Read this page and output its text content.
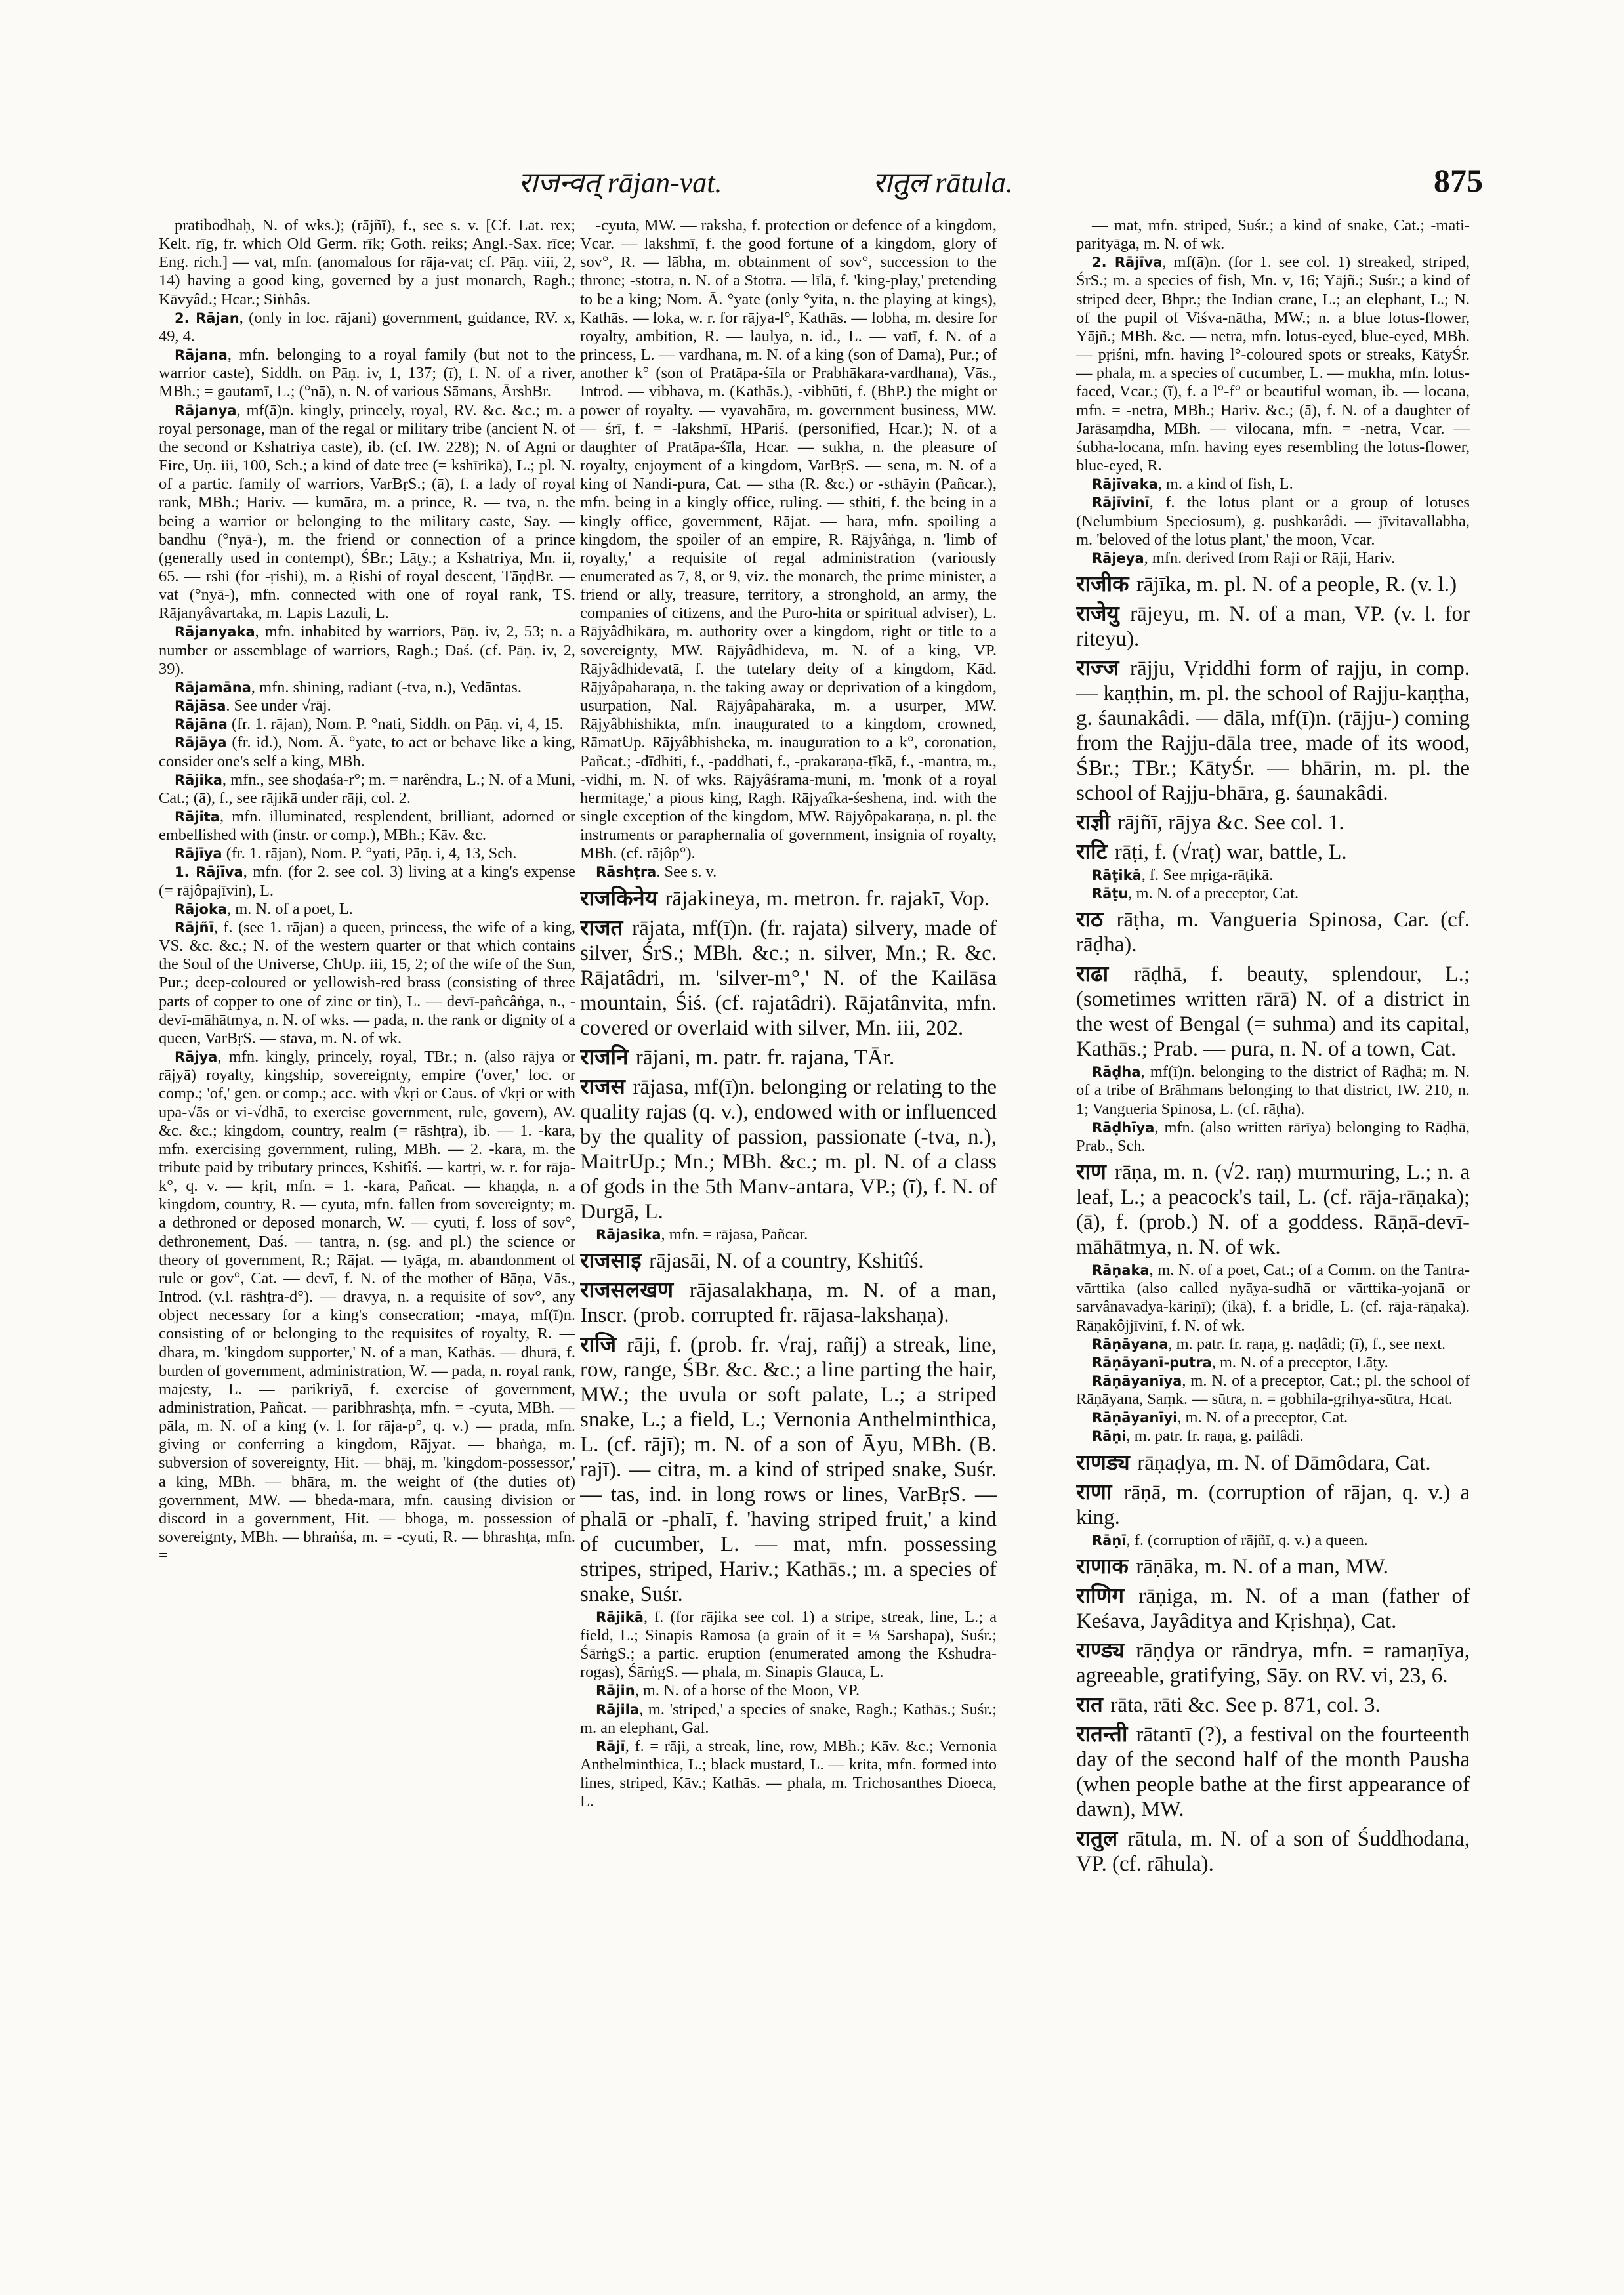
राजन्वत् rājan-vat.	रातुल rātula.	875

pratibodhaḥ, N. of wks.); (rājñī), f., see s. v. [Cf. Lat. rex; Kelt. rīg, fr. which Old Germ. rīk; Goth. reiks; Angl.-Sax. rīce; Eng. rich.] — vat, mfn. (anomalous for rāja-vat; cf. Pāṇ. viii, 2, 14) having a good king, governed by a just monarch, Ragh.; Kāvyâd.; Hcar.; Siṅhâs.

2. Rājan, (only in loc. rājani) government, guidance, RV. x, 49, 4.

Rājana, mfn. belonging to a royal family (but not to the warrior caste), Siddh. on Pāṇ. iv, 1, 137; (ī), f. N. of a river, MBh.; = gautamī, L.; (°nā), n. N. of various Sāmans, ĀrshBr.

Rājanya, mf(ā)n. kingly, princely, royal, RV. &c. &c.; m. a royal personage, man of the regal or military tribe (ancient N. of the second or Kshatriya caste), ib. (cf. IW. 228); N. of Agni or Fire, Uṇ. iii, 100, Sch.; a kind of date tree (= kshīrikā), L.; pl. N. of a partic. family of warriors, VarBṛS.; (ā), f. a lady of royal rank, MBh.; Hariv. — kumāra, m. a prince, R. — tva, n. the being a warrior or belonging to the military caste, Say. — bandhu (°nyā-), m. the friend or connection of a prince (generally used in contempt), ŚBr.; Lāṭy.; a Kshatriya, Mn. ii, 65. — rshi (for -ṛishi), m. a Ṛishi of royal descent, TāṇḍBr. — vat (°nyā-), mfn. connected with one of royal rank, TS. Rājanyâvartaka, m. Lapis Lazuli, L.

Rājanyaka, mfn. inhabited by warriors, Pāṇ. iv, 2, 53; n. a number or assemblage of warriors, Ragh.; Daś. (cf. Pāṇ. iv, 2, 39).

Rājamāna, mfn. shining, radiant (-tva, n.), Vedāntas.

Rājāsa. See under √rāj.

Rājāna (fr. 1. rājan), Nom. P. °nati, Siddh. on Pāṇ. vi, 4, 15.

Rājāya (fr. id.), Nom. Ā. °yate, to act or behave like a king, consider one's self a king, MBh.

Rājika, mfn., see shoḍaśa-r°; m. = narêndra, L.; N. of a Muni, Cat.; (ā), f., see rājikā under rāji, col. 2.

Rājita, mfn. illuminated, resplendent, brilliant, adorned or embellished with (instr. or comp.), MBh.; Kāv. &c.

Rājīya (fr. 1. rājan), Nom. P. °yati, Pāṇ. i, 4, 13, Sch.

1. Rājīva, mfn. (for 2. see col. 3) living at a king's expense (= rājôpajīvin), L.

Rājoka, m. N. of a poet, L.

Rājñī, f. (see 1. rājan) a queen, princess, the wife of a king, VS. &c. &c.; N. of the western quarter or that which contains the Soul of the Universe, ChUp. iii, 15, 2; of the wife of the Sun, Pur.; deep-coloured or yellowish-red brass (consisting of three parts of copper to one of zinc or tin), L. — devī-pañcâṅga, n., -devī-māhātmya, n. N. of wks. — pada, n. the rank or dignity of a queen, VarBṛS. — stava, m. N. of wk.

Rājya, mfn. kingly, princely, royal, TBr.; n. (also rājya or rājyā) royalty, kingship, sovereignty, empire ('over,' loc. or comp.; 'of,' gen. or comp.; acc. with √kṛi or Caus. of √kṛi or with upa-√ās or vi-√dhā, to exercise government, rule, govern), AV. &c. &c.; kingdom, country, realm (= rāshṭra), ib. — 1. -kara, mfn. exercising government, ruling, MBh. — 2. -kara, m. the tribute paid by tributary princes, Kshitîś. — kartṛi, w. r. for rāja-k°, q. v. — kṛit, mfn. = 1. -kara, Pañcat. — khaṇḍa, n. a kingdom, country, R. — cyuta, mfn. fallen from sovereignty; m. a dethroned or deposed monarch, W. — cyuti, f. loss of sov°, dethronement, Daś. — tantra, n. (sg. and pl.) the science or theory of government, R.; Rājat. — tyāga, m. abandonment of rule or gov°, Cat. — devī, f. N. of the mother of Bāṇa, Vās., Introd. (v.l. rāshṭra-d°). — dravya, n. a requisite of sov°, any object necessary for a king's consecration; -maya, mf(ī)n. consisting of or belonging to the requisites of royalty, R. — dhara, m. 'kingdom supporter,' N. of a man, Kathās. — dhurā, f. burden of government, administration, W. — pada, n. royal rank, majesty, L. — parikriyā, f. exercise of government, administration, Pañcat. — paribhrashṭa, mfn. = -cyuta, MBh. — pāla, m. N. of a king (v. l. for rāja-p°, q. v.) — prada, mfn. giving or conferring a kingdom, Rājyat. — bhaṅga, m. subversion of sovereignty, Hit. — bhāj, m. 'kingdom-possessor,' a king, MBh. — bhāra, m. the weight of (the duties of) government, MW. — bheda-mara, mfn. causing division or discord in a government, Hit. — bhoga, m. possession of sovereignty, MBh. — bhraṅśa, m. = -cyuti, R. — bhrashṭa, mfn. =

-cyuta, MW. — raksha, f. protection or defence of a kingdom, Vcar. — lakshmī, f. the good fortune of a kingdom, glory of sov°, R. — lābha, m. obtainment of sov°, succession to the throne; -stotra, n. N. of a Stotra. — līlā, f. 'king-play,' pretending to be a king; Nom. Ā. °yate (only °yita, n. the playing at kings), Kathās. — loka, w. r. for rājya-l°, Kathās. — lobha, m. desire for royalty, ambition, R. — laulya, n. id., L. — vatī, f. N. of a princess, L. — vardhana, m. N. of a king (son of Dama), Pur.; of another k° (son of Pratāpa-śīla or Prabhākara-vardhana), Vās., Introd. — vibhava, m. (Kathās.), -vibhūti, f. (BhP.) the might or power of royalty. — vyavahāra, m. government business, MW. — śrī, f. = -lakshmī, HPariś. (personified, Hcar.); N. of a daughter of Pratāpa-śīla, Hcar. — sukha, n. the pleasure of royalty, enjoyment of a kingdom, VarBṛS. — sena, m. N. of a king of Nandi-pura, Cat. — stha (R. &c.) or -sthāyin (Pañcar.), mfn. being in a kingly office, ruling. — sthiti, f. the being in a kingly office, government, Rājat. — hara, mfn. spoiling a kingdom, the spoiler of an empire, R. Rājyâṅga, n. 'limb of royalty,' a requisite of regal administration (variously enumerated as 7, 8, or 9, viz. the monarch, the prime minister, a friend or ally, treasure, territory, a stronghold, an army, the companies of citizens, and the Puro-hita or spiritual adviser), L. Rājyâdhikāra, m. authority over a kingdom, right or title to a sovereignty, MW. Rājyâdhideva, m. N. of a king, VP. Rājyâdhidevatā, f. the tutelary deity of a kingdom, Kād. Rājyâpaharaṇa, n. the taking away or deprivation of a kingdom, usurpation, Nal. Rājyâpahāraka, m. a usurper, MW. Rājyâbhishikta, mfn. inaugurated to a kingdom, crowned, RāmatUp. Rājyâbhisheka, m. inauguration to a k°, coronation, Pañcat.; -dīdhiti, f., -paddhati, f., -prakaraṇa-ṭīkā, f., -mantra, m., -vidhi, m. N. of wks. Rājyâśrama-muni, m. 'monk of a royal hermitage,' a pious king, Ragh. Rājyaîka-śeshena, ind. with the single exception of the kingdom, MW. Rājyôpakaraṇa, n. pl. the instruments or paraphernalia of government, insignia of royalty, MBh. (cf. rājôp°).

Rāshṭra. See s. v.

राजकिनेय rājakineya, m. metron. fr. rajakī, Vop.

राजत rājata, mf(ī)n. (fr. rajata) silvery, made of silver, ŚrS.; MBh. &c.; n. silver, Mn.; R. &c. Rājatâdri, m. 'silver-m°,' N. of the Kailāsa mountain, Śiś. (cf. rajatâdri). Rājatânvita, mfn. covered or overlaid with silver, Mn. iii, 202.

राजनि rājani, m. patr. fr. rajana, TĀr.

राजस rājasa, mf(ī)n. belonging or relating to the quality rajas (q. v.), endowed with or influenced by the quality of passion, passionate (-tva, n.), MaitrUp.; Mn.; MBh. &c.; m. pl. N. of a class of gods in the 5th Manv-antara, VP.; (ī), f. N. of Durgā, L.

Rājasika, mfn. = rājasa, Pañcar.

राजसाइ rājasāi, N. of a country, Kshitîś.

राजसलखण rājasalakhaṇa, m. N. of a man, Inscr. (prob. corrupted fr. rājasa-lakshaṇa).

राजि rāji, f. (prob. fr. √raj, rañj) a streak, line, row, range, ŚBr. &c. &c.; a line parting the hair, MW.; the uvula or soft palate, L.; a striped snake, L.; a field, L.; Vernonia Anthelminthica, L. (cf. rājī); m. N. of a son of Āyu, MBh. (B. rajī). — citra, m. a kind of striped snake, Suśr. — tas, ind. in long rows or lines, VarBṛS. — phalā or -phalī, f. 'having striped fruit,' a kind of cucumber, L. — mat, mfn. possessing stripes, striped, Hariv.; Kathās.; m. a species of snake, Suśr.

Rājikā, f. (for rājika see col. 1) a stripe, streak, line, L.; a field, L.; Sinapis Ramosa (a grain of it = ⅓ Sarshapa), Suśr.; ŚārṅgS.; a partic. eruption (enumerated among the Kshudra-rogas), ŚārṅgS. — phala, m. Sinapis Glauca, L.

Rājin, m. N. of a horse of the Moon, VP.

Rājila, m. 'striped,' a species of snake, Ragh.; Kathās.; Suśr.; m. an elephant, Gal.

Rājī, f. = rāji, a streak, line, row, MBh.; Kāv. &c.; Vernonia Anthelminthica, L.; black mustard, L. — krita, mfn. formed into lines, striped, Kāv.; Kathās. — phala, m. Trichosanthes Dioeca, L.

— mat, mfn. striped, Suśr.; a kind of snake, Cat.; -mati-parityāga, m. N. of wk.

2. Rājīva, mf(ā)n. (for 1. see col. 1) streaked, striped, ŚrS.; m. a species of fish, Mn. v, 16; Yājñ.; Suśr.; a kind of striped deer, Bhpr.; the Indian crane, L.; an elephant, L.; N. of the pupil of Viśva-nātha, MW.; n. a blue lotus-flower, Yājñ.; MBh. &c. — netra, mfn. lotus-eyed, blue-eyed, MBh. — pṛiśni, mfn. having l°-coloured spots or streaks, KātyŚr. — phala, m. a species of cucumber, L. — mukha, mfn. lotus-faced, Vcar.; (ī), f. a l°-f° or beautiful woman, ib. — locana, mfn. = -netra, MBh.; Hariv. &c.; (ā), f. N. of a daughter of Jarāsaṃdha, MBh. — vilocana, mfn. = -netra, Vcar. — śubha-locana, mfn. having eyes resembling the lotus-flower, blue-eyed, R.

Rājīvaka, m. a kind of fish, L.

Rājīvinī, f. the lotus plant or a group of lotuses (Nelumbium Speciosum), g. pushkarâdi. — jīvitavallabha, m. 'beloved of the lotus plant,' the moon, Vcar.

Rājeya, mfn. derived from Raji or Rāji, Hariv.

राजीक rājīka, m. pl. N. of a people, R. (v. l.)

राजेयु rājeyu, m. N. of a man, VP. (v. l. for riteyu).

राज्ज rājju, Vṛiddhi form of rajju, in comp. — kaṇṭhin, m. pl. the school of Rajju-kaṇṭha, g. śaunakâdi. — dāla, mf(ī)n. (rājju-) coming from the Rajju-dāla tree, made of its wood, ŚBr.; TBr.; KātyŚr. — bhārin, m. pl. the school of Rajju-bhāra, g. śaunakâdi.

राज्ञी rājñī, rājya &c. See col. 1.

राटि rāṭi, f. (√raṭ) war, battle, L.

Rāṭikā, f. See mṛiga-rāṭikā.

Rāṭu, m. N. of a preceptor, Cat.

राठ rāṭha, m. Vangueria Spinosa, Car. (cf. rāḍha).

राढा rāḍhā, f. beauty, splendour, L.; (sometimes written rārā) N. of a district in the west of Bengal (= suhma) and its capital, Kathās.; Prab. — pura, n. N. of a town, Cat.

Rāḍha, mf(ī)n. belonging to the district of Rāḍhā; m. N. of a tribe of Brāhmans belonging to that district, IW. 210, n. 1; Vangueria Spinosa, L. (cf. rāṭha).

Rāḍhīya, mfn. (also written rārīya) belonging to Rāḍhā, Prab., Sch.

राण rāṇa, m. n. (√2. raṇ) murmuring, L.; n. a leaf, L.; a peacock's tail, L. (cf. rāja-rāṇaka); (ā), f. (prob.) N. of a goddess. Rāṇā-devī-māhātmya, n. N. of wk.

Rāṇaka, m. N. of a poet, Cat.; of a Comm. on the Tantra-vārttika (also called nyāya-sudhā or vārttika-yojanā or sarvânavadya-kāriṇī); (ikā), f. a bridle, L. (cf. rāja-rāṇaka). Rāṇakôjjīvinī, f. N. of wk.

Rāṇāyana, m. patr. fr. raṇa, g. naḍâdi; (ī), f., see next.

Rāṇāyanī-putra, m. N. of a preceptor, Lāṭy.

Rāṇāyanīya, m. N. of a preceptor, Cat.; pl. the school of Rāṇāyana, Saṃk. — sūtra, n. = gobhila-gṛihya-sūtra, Hcat.

Rāṇāyanīyi, m. N. of a preceptor, Cat.

Rāṇi, m. patr. fr. raṇa, g. pailâdi.

राणड्य rāṇaḍya, m. N. of Dāmôdara, Cat.

राणा rāṇā, m. (corruption of rājan, q. v.) a king.

Rāṇī, f. (corruption of rājñī, q. v.) a queen.

राणाक rāṇāka, m. N. of a man, MW.

राणिग rāṇiga, m. N. of a man (father of Keśava, Jayâditya and Kṛishṇa), Cat.

राण्ड्य rāṇḍya or rāndrya, mfn. = ramaṇīya, agreeable, gratifying, Sāy. on RV. vi, 23, 6.

रात rāta, rāti &c. See p. 871, col. 3.

रातन्ती rātantī (?), a festival on the fourteenth day of the second half of the month Pausha (when people bathe at the first appearance of dawn), MW.

रातुल rātula, m. N. of a son of Śuddhodana, VP. (cf. rāhula).
